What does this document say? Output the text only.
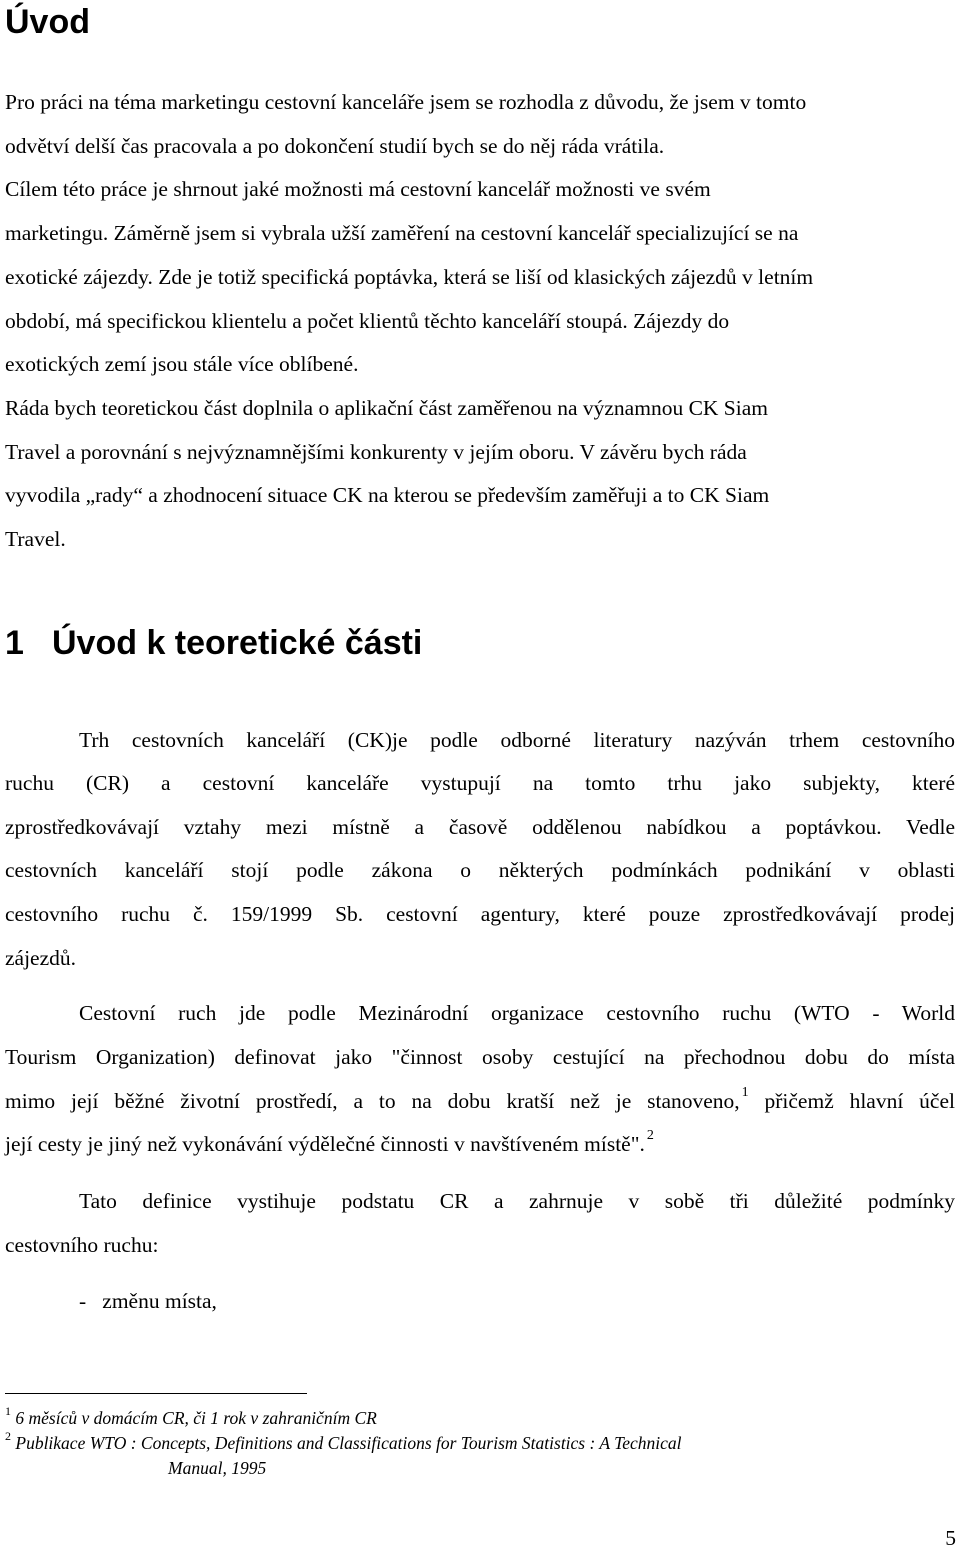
Úvod
Pro práci na téma marketingu cestovní kanceláře jsem se rozhodla z důvodu, že jsem v tomto
odvětví delší čas pracovala a po dokončení studií bych se do něj ráda vrátila.
Cílem této práce je shrnout jaké možnosti má cestovní kancelář možnosti ve svém
marketingu. Záměrně jsem si vybrala užší zaměření na cestovní kancelář specializující se na
exotické zájezdy. Zde je totiž specifická poptávka, která se liší od klasických zájezdů v letním
období, má specifickou klientelu a počet klientů těchto kanceláří stoupá. Zájezdy do
exotických zemí jsou stále více oblíbené.
Ráda bych teoretickou část doplnila o aplikační část zaměřenou na významnou CK Siam
Travel a porovnání s nejvýznamnějšími konkurenty v jejím oboru. V závěru bych ráda
vyvodila „rady“ a zhodnocení situace CK na kterou se především zaměřuji a to CK Siam
Travel.
1 Úvod k teoretické části
Trh cestovních kanceláří (CK)je podle odborné literatury nazýván trhem cestovního
ruchu (CR) a cestovní kanceláře vystupují na tomto trhu jako subjekty, které
zprostředkovávají vztahy mezi místně a časově oddělenou nabídkou a poptávkou. Vedle
cestovních kanceláří stojí podle zákona o některých podmínkách podnikání v oblasti
cestovního ruchu č. 159/1999 Sb. cestovní agentury, které pouze zprostředkovávají prodej
zájezdů.
Cestovní ruch jde podle Mezinárodní organizace cestovního ruchu (WTO - World
Tourism Organization) definovat jako "činnost osoby cestující na přechodnou dobu do místa
mimo její běžné životní prostředí, a to na dobu kratší než je stanoveno, $^1$ přičemž hlavní účel
její cesty je jiný než vykonávání výdělečné činnosti v navštíveném místě". $^2$
Tato definice vystihuje podstatu CR a zahrnuje v sobě tři důležité podmínky
cestovního ruchu:
-   změnu místa,
$^1$ 6 měsíců v domácím CR, či 1 rok v zahraničním CR
$^2$ Publikace WTO : Concepts, Definitions and Classifications for Tourism Statistics : A Technical
Manual, 1995
5
